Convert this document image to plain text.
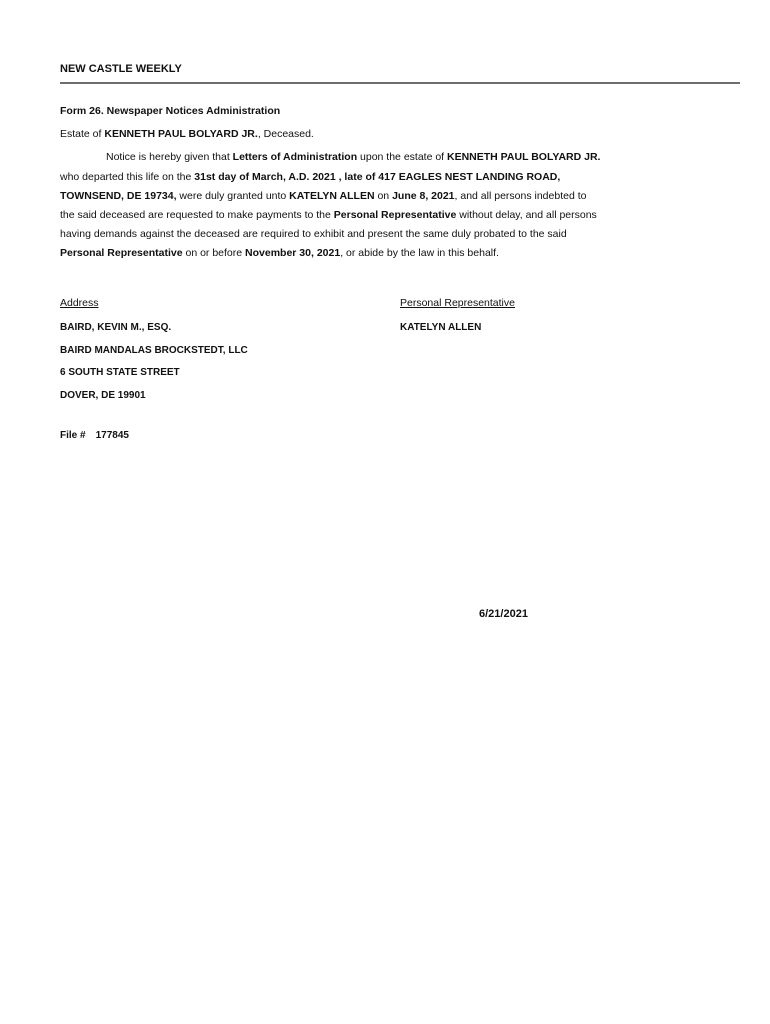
NEW CASTLE WEEKLY
Form 26. Newspaper Notices Administration
Estate of KENNETH PAUL BOLYARD JR., Deceased.
Notice is hereby given that Letters of Administration upon the estate of KENNETH PAUL BOLYARD JR.
who departed this life on the 31st day of March, A.D. 2021 , late of 417 EAGLES NEST LANDING ROAD,
TOWNSEND, DE 19734, were duly granted unto KATELYN ALLEN on June 8, 2021, and all persons indebted to
the said deceased are requested to make payments to the Personal Representative without delay, and all persons
having demands against the deceased are required to exhibit and present the same duly probated to the said
Personal Representative on or before November 30, 2021, or abide by the law in this behalf.
Address	Personal Representative
BAIRD, KEVIN M., ESQ.
BAIRD MANDALAS BROCKSTEDT, LLC
6 SOUTH STATE STREET
DOVER, DE 19901
KATELYN ALLEN
File # 177845
6/21/2021
